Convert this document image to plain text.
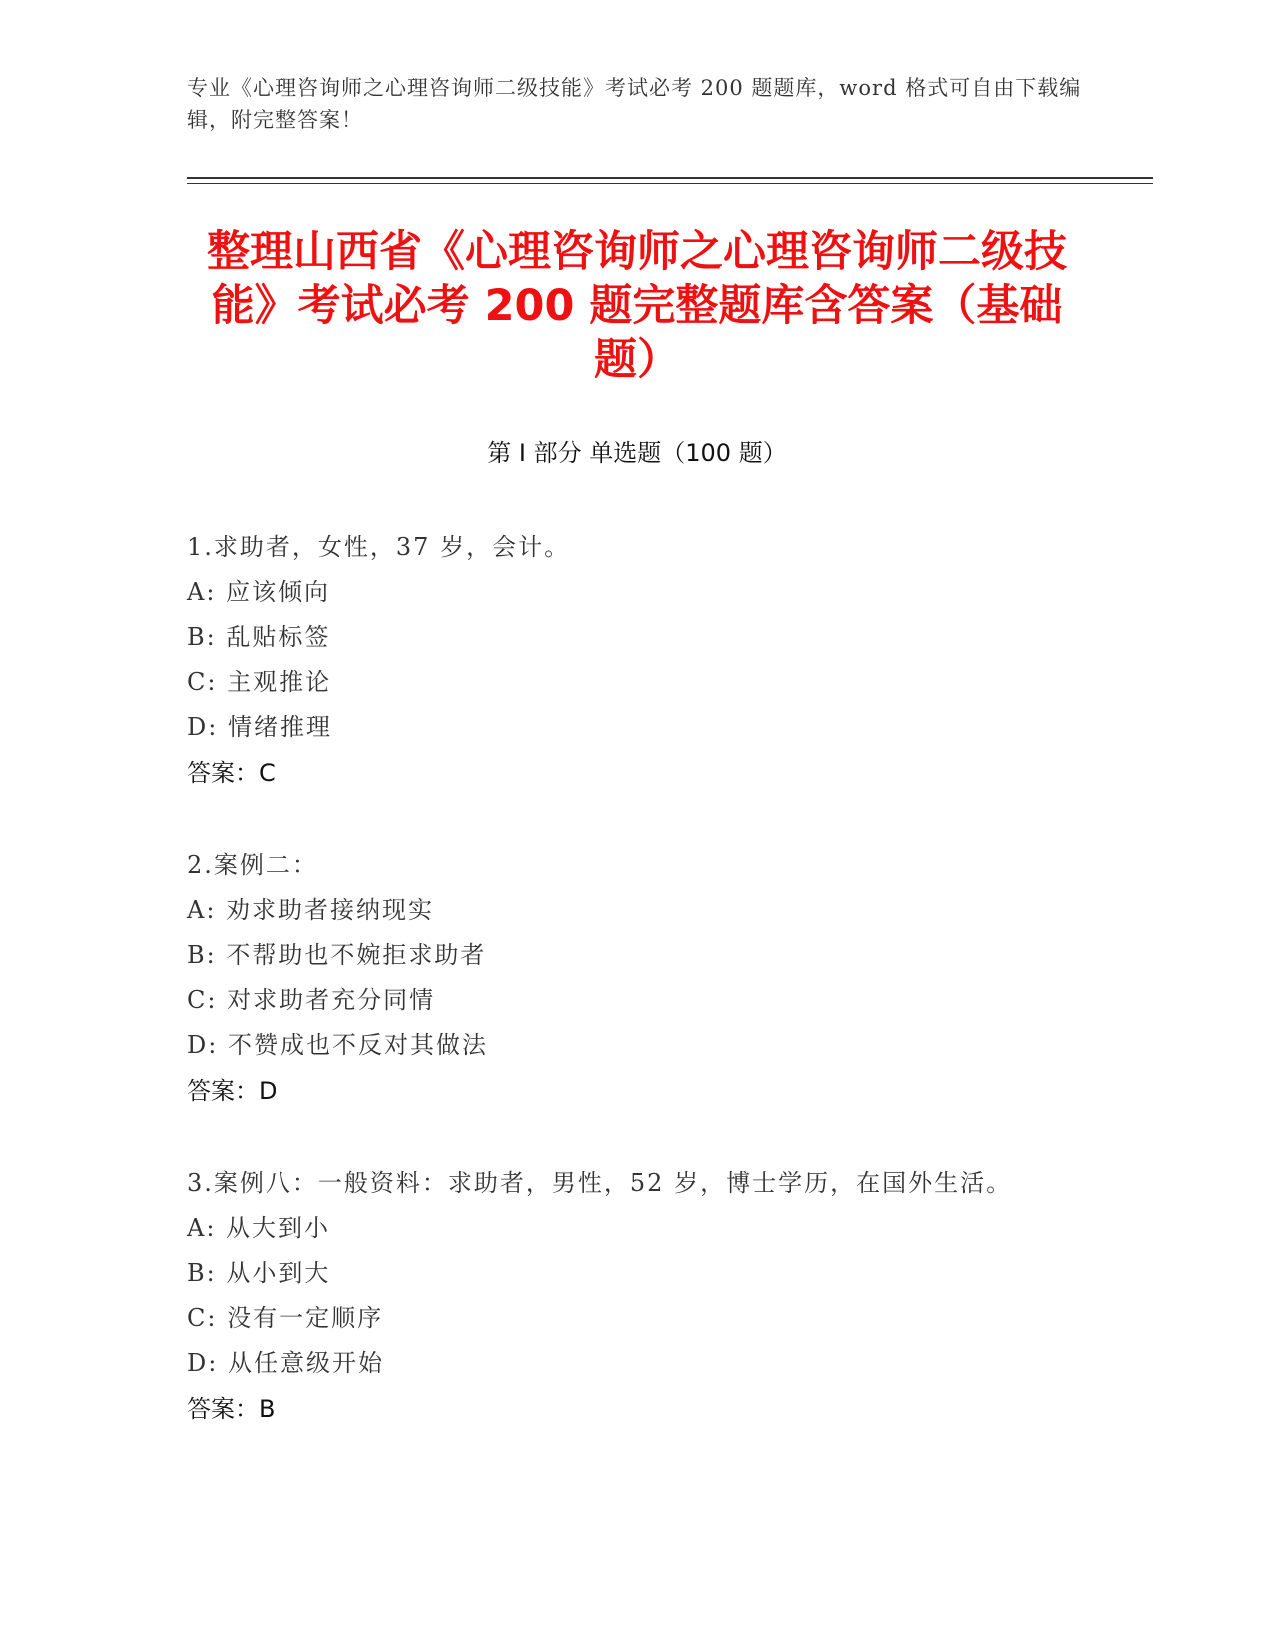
专业《心理咨询师之心理咨询师二级技能》考试必考 200 题题库，word 格式可自由下载编辑，附完整答案！
整理山西省《心理咨询师之心理咨询师二级技能》考试必考 200 题完整题库含答案（基础题）
第 I 部分 单选题（100 题）

1.求助者，女性，37 岁，会计。

A: 应该倾向

B: 乱贴标签

C: 主观推论

D: 情绪推理

答案：C

2.案例二：

A: 劝求助者接纳现实

B: 不帮助也不婉拒求助者

C: 对求助者充分同情

D: 不赞成也不反对其做法

答案：D

3.案例八：一般资料：求助者，男性，52 岁，博士学历，在国外生活。

A: 从大到小

B: 从小到大

C: 没有一定顺序

D: 从任意级开始

答案：B
